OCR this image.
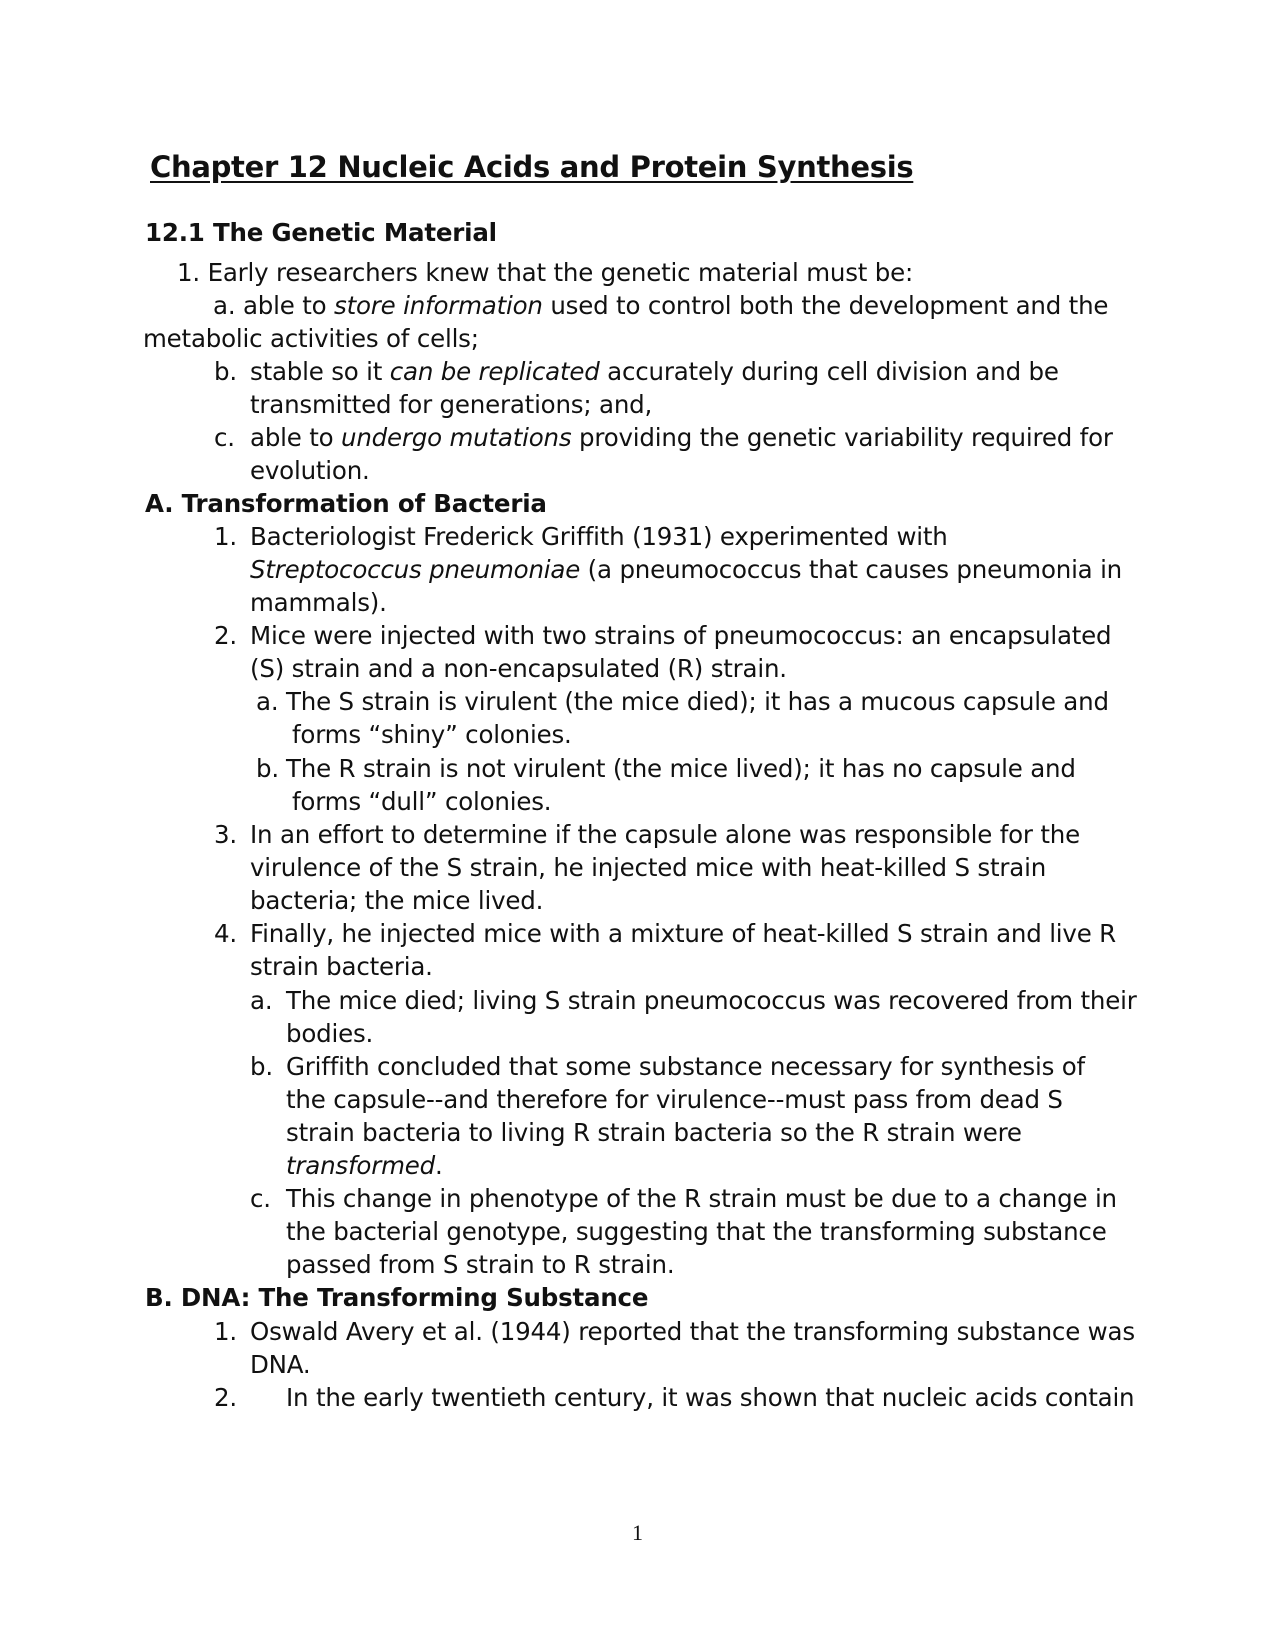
Chapter 12 Nucleic Acids and Protein Synthesis
12.1 The Genetic Material
1. Early researchers knew that the genetic material must be:
a. able to store information used to control both the development and the
metabolic activities of cells;
b. stable so it can be replicated accurately during cell division and be
transmitted for generations; and,
c. able to undergo mutations providing the genetic variability required for
evolution.
A. Transformation of Bacteria
1. Bacteriologist Frederick Griffith (1931) experimented with
Streptococcus pneumoniae (a pneumococcus that causes pneumonia in
mammals).
2. Mice were injected with two strains of pneumococcus: an encapsulated
(S) strain and a non-encapsulated (R) strain.
a. The S strain is virulent (the mice died); it has a mucous capsule and
forms “shiny” colonies.
b. The R strain is not virulent (the mice lived); it has no capsule and
forms “dull” colonies.
3. In an effort to determine if the capsule alone was responsible for the
virulence of the S strain, he injected mice with heat-killed S strain
bacteria; the mice lived.
4. Finally, he injected mice with a mixture of heat-killed S strain and live R
strain bacteria.
a. The mice died; living S strain pneumococcus was recovered from their
bodies.
b. Griffith concluded that some substance necessary for synthesis of
the capsule--and therefore for virulence--must pass from dead S
strain bacteria to living R strain bacteria so the R strain were
transformed.
c. This change in phenotype of the R strain must be due to a change in
the bacterial genotype, suggesting that the transforming substance
passed from S strain to R strain.
B. DNA: The Transforming Substance
1. Oswald Avery et al. (1944) reported that the transforming substance was
DNA.
2. In the early twentieth century, it was shown that nucleic acids contain
1
